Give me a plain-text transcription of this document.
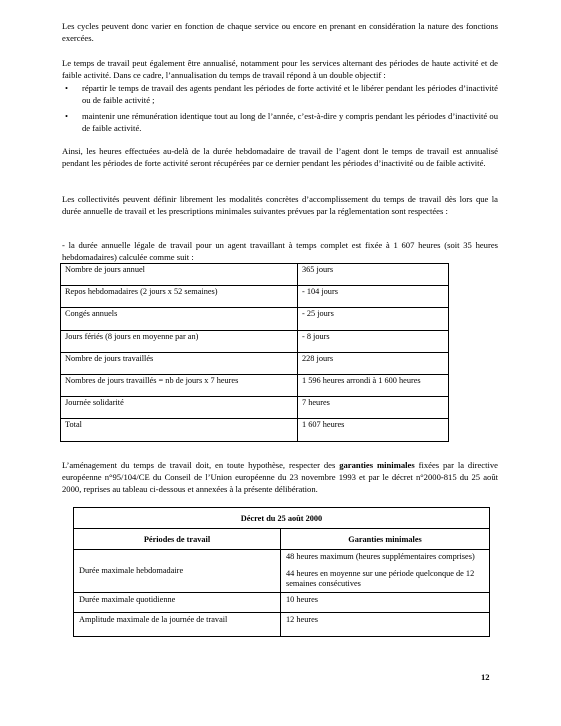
Les cycles peuvent donc varier en fonction de chaque service ou encore en prenant en considération la nature des fonctions exercées.

Le temps de travail peut également être annualisé, notamment pour les services alternant des périodes de haute activité et de faible activité. Dans ce cadre, l’annualisation du temps de travail répond à un double objectif :

• répartir le temps de travail des agents pendant les périodes de forte activité et le libérer pendant les périodes d’inactivité ou de faible activité ;
• maintenir une rémunération identique tout au long de l’année, c’est-à-dire y compris pendant les périodes d’inactivité ou de faible activité.

Ainsi, les heures effectuées au-delà de la durée hebdomadaire de travail de l’agent dont le temps de travail est annualisé pendant les périodes de forte activité seront récupérées par ce dernier pendant les périodes d’inactivité ou de faible activité.

Les collectivités peuvent définir librement les modalités concrètes d’accomplissement du temps de travail dès lors que la durée annuelle de travail et les prescriptions minimales suivantes prévues par la réglementation sont respectées :

- la durée annuelle légale de travail pour un agent travaillant à temps complet est fixée à 1 607 heures (soit 35 heures hebdomadaires) calculée comme suit :

Nombre de jours annuel	365 jours
Repos hebdomadaires (2 jours x 52 semaines)	- 104 jours
Congés annuels	- 25 jours
Jours fériés (8 jours en moyenne par an)	- 8 jours
Nombre de jours travaillés	228 jours
Nombres de jours travaillés = nb de jours x 7 heures	1 596 heures arrondi à 1 600 heures
Journée solidarité	7 heures
Total	1 607 heures

L’aménagement du temps de travail doit, en toute hypothèse, respecter des garanties minimales fixées par la directive européenne n°95/104/CE du Conseil de l’Union européenne du 23 novembre 1993 et par le décret n°2000-815 du 25 août 2000, reprises au tableau ci-dessous et annexées à la présente délibération.

Décret du 25 août 2000	
Périodes de travail	Garanties minimales
Durée maximale hebdomadaire	48 heures maximum (heures supplémentaires comprises)

44 heures en moyenne sur une période quelconque de 12 semaines consécutives

Durée maximale quotidienne	10 heures
Amplitude maximale de la journée de travail	12 heures
12
